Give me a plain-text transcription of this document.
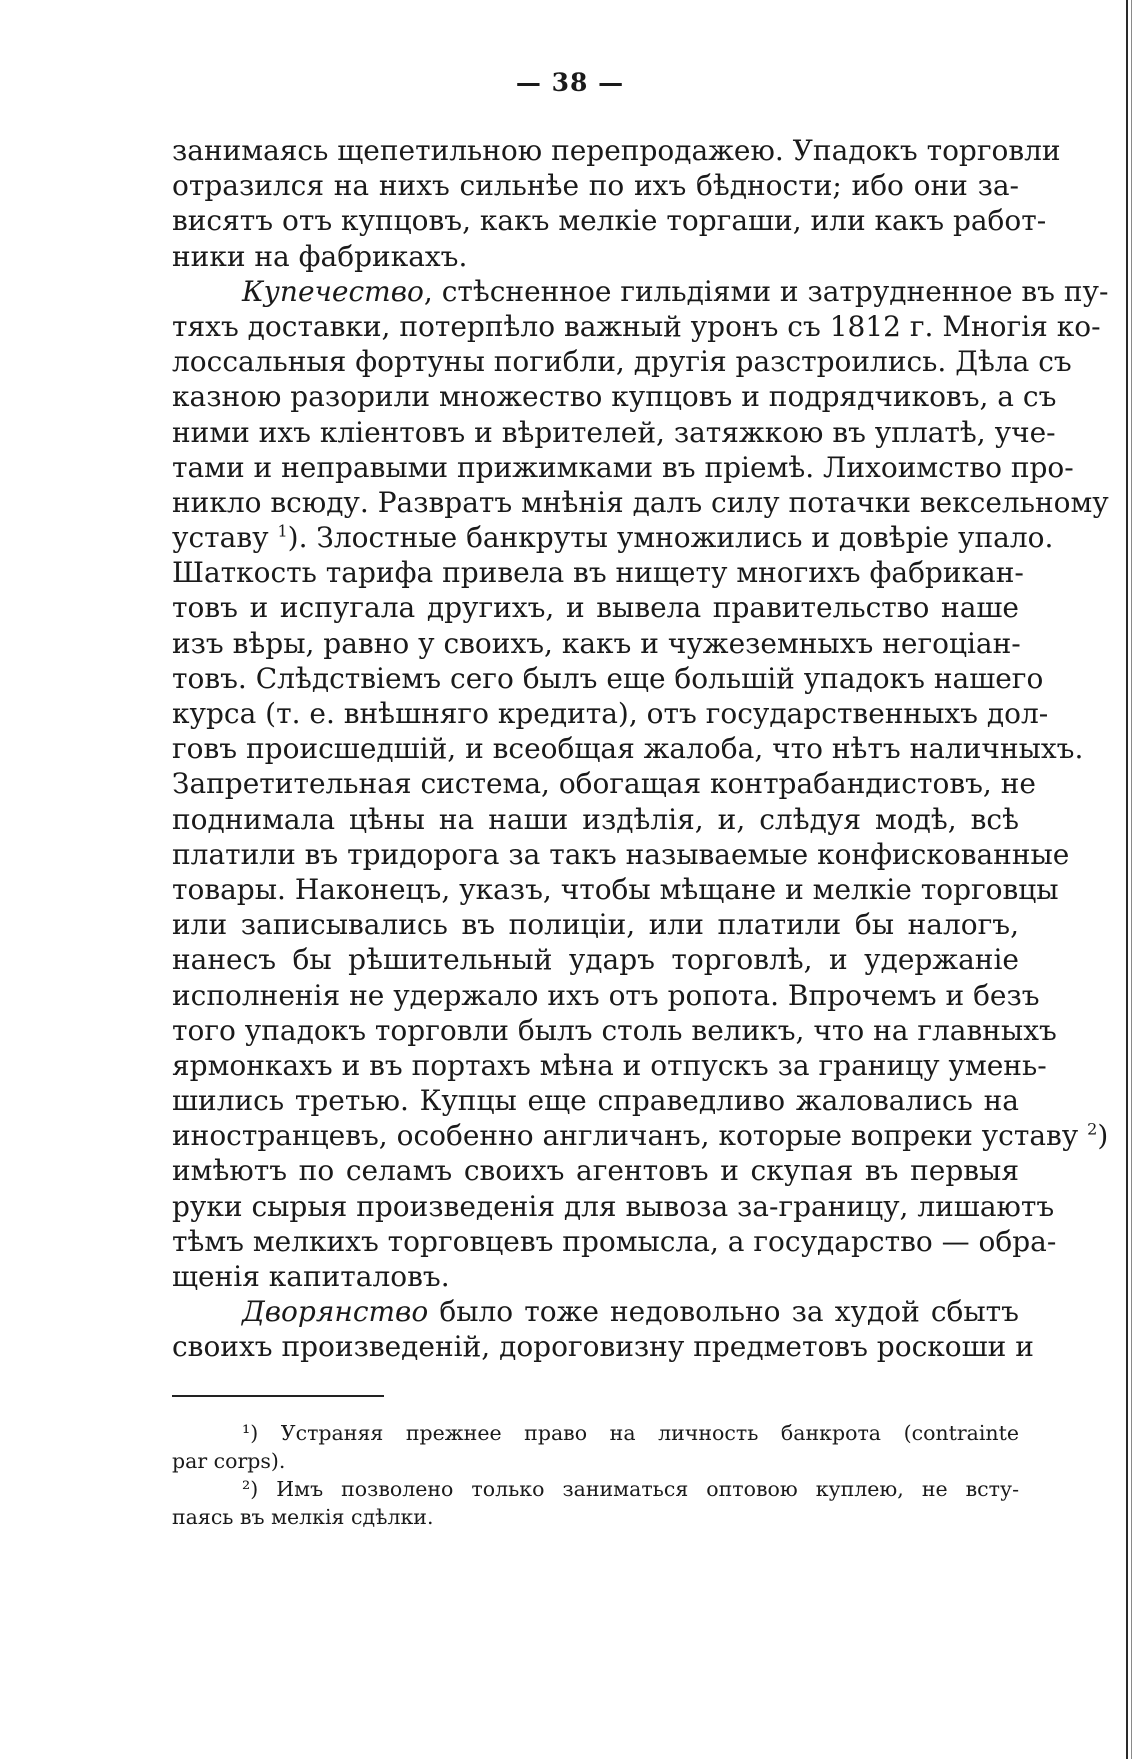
— 38 —
занимаясь щепетильною перепродажею. Упадокъ торговли
отразился на нихъ сильнѣе по ихъ бѣдности; ибо они за-
висятъ отъ купцовъ, какъ мелкіе торгаши, или какъ работ-
ники на фабрикахъ.
Купечество, стѣсненное гильдіями и затрудненное въ пу-
тяхъ доставки, потерпѣло важный уронъ съ 1812 г. Многія ко-
лоссальныя фортуны погибли, другія разстроились. Дѣла съ
казною разорили множество купцовъ и подрядчиковъ, а съ
ними ихъ кліентовъ и вѣрителей, затяжкою въ уплатѣ, учe-
тами и неправыми прижимками въ пріемѣ. Лихоимство про-
никло всюду. Развратъ мнѣнія далъ силу потачки вексельному
уставу $^1$). Злостные банкруты умножились и довѣріе упало.
Шаткость тарифа привела въ нищету многихъ фабрикан-
товъ и испугала другихъ, и вывела правительство наше
изъ вѣры, равно у своихъ, какъ и чужеземныхъ негоціан-
товъ. Слѣдствіемъ сего былъ еще большій упадокъ нашего
курса (т. е. внѣшняго кредита), отъ государственныхъ дол-
говъ происшедшій, и всеобщая жалоба, что нѣтъ наличныхъ.
Запретительная система, обогащая контрабандистовъ, не
поднимала цѣны на наши издѣлія, и, слѣдуя модѣ, всѣ
платили въ тридорога за такъ называемые конфискованные
товары. Наконецъ, указъ, чтобы мѣщане и мелкіе торговцы
или записывались въ полиціи, или платили бы налогъ,
нанесъ бы рѣшительный ударъ торговлѣ, и удержаніе
исполненія не удержало ихъ отъ ропота. Впрочемъ и безъ
того упадокъ торговли былъ столь великъ, что на главныхъ
ярмонкахъ и въ портахъ мѣна и отпускъ за границу умень-
шились третью. Купцы еще справедливо жаловались на
иностранцевъ, особенно англичанъ, которые вопреки уставу $^2$)
имѣютъ по селамъ своихъ агентовъ и скупая въ первыя
руки сырыя произведенія для вывоза за-границу, лишаютъ
тѣмъ мелкихъ торговцевъ промысла, а государство — обра-
щенія капиталовъ.
Дворянство было тоже недовольно за худой сбытъ
своихъ произведеній, дороговизну предметовъ роскоши и
¹) Устраняя прежнее право на личность банкрота (contrainte
par corps).
²) Имъ позволено только заниматься оптовою куплею, не всту-
паясь въ мелкія сдѣлки.
